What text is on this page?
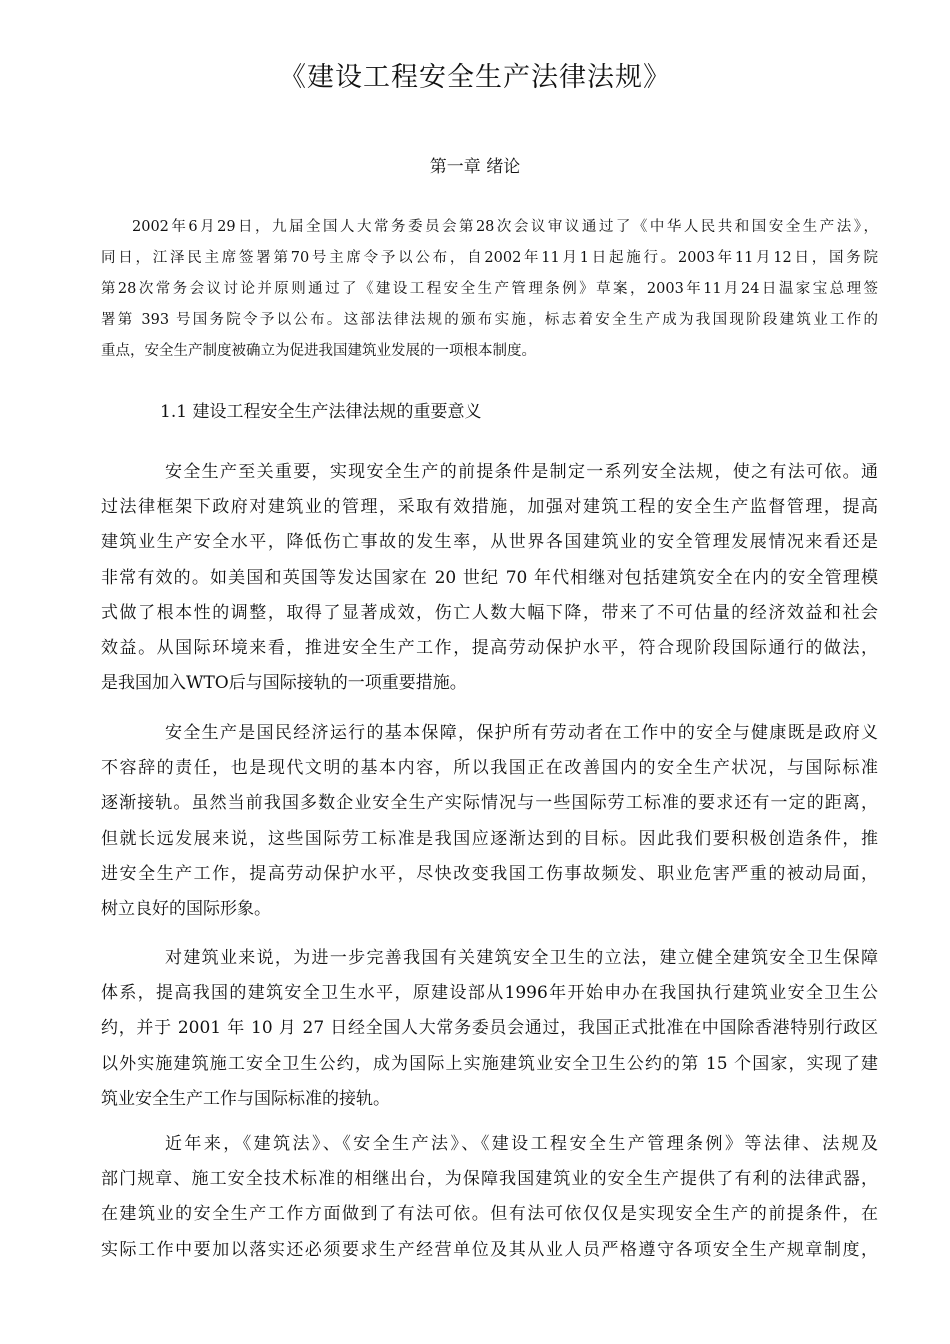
《建设工程安全生产法律法规》
第一章 绪论
2002年6月29日，九届全国人大常务委员会第28次会议审议通过了《中华人民共和国安全生产法》，
同日，江泽民主席签署第70号主席令予以公布，自2002年11月1日起施行。2003年11月12日，国务院
第28次常务会议讨论并原则通过了《建设工程安全生产管理条例》草案，2003年11月24日温家宝总理签
署第 393 号国务院令予以公布。这部法律法规的颁布实施，标志着安全生产成为我国现阶段建筑业工作的
重点，安全生产制度被确立为促进我国建筑业发展的一项根本制度。
1.1 建设工程安全生产法律法规的重要意义
安全生产至关重要，实现安全生产的前提条件是制定一系列安全法规，使之有法可依。通
过法律框架下政府对建筑业的管理，采取有效措施，加强对建筑工程的安全生产监督管理，提高
建筑业生产安全水平，降低伤亡事故的发生率，从世界各国建筑业的安全管理发展情况来看还是
非常有效的。如美国和英国等发达国家在 20 世纪 70 年代相继对包括建筑安全在内的安全管理模
式做了根本性的调整，取得了显著成效，伤亡人数大幅下降，带来了不可估量的经济效益和社会
效益。从国际环境来看，推进安全生产工作，提高劳动保护水平，符合现阶段国际通行的做法，
是我国加入WTO后与国际接轨的一项重要措施。
安全生产是国民经济运行的基本保障，保护所有劳动者在工作中的安全与健康既是政府义
不容辞的责任，也是现代文明的基本内容，所以我国正在改善国内的安全生产状况，与国际标准
逐渐接轨。虽然当前我国多数企业安全生产实际情况与一些国际劳工标准的要求还有一定的距离，
但就长远发展来说，这些国际劳工标准是我国应逐渐达到的目标。因此我们要积极创造条件，推
进安全生产工作，提高劳动保护水平，尽快改变我国工伤事故频发、职业危害严重的被动局面，
树立良好的国际形象。
对建筑业来说，为进一步完善我国有关建筑安全卫生的立法，建立健全建筑安全卫生保障
体系，提高我国的建筑安全卫生水平，原建设部从1996年开始申办在我国执行建筑业安全卫生公
约，并于 2001 年 10 月 27 日经全国人大常务委员会通过，我国正式批准在中国除香港特别行政区
以外实施建筑施工安全卫生公约，成为国际上实施建筑业安全卫生公约的第 15 个国家，实现了建
筑业安全生产工作与国际标准的接轨。
近年来，《建筑法》、《安全生产法》、《建设工程安全生产管理条例》等法律、法规及
部门规章、施工安全技术标准的相继出台，为保障我国建筑业的安全生产提供了有利的法律武器，
在建筑业的安全生产工作方面做到了有法可依。但有法可依仅仅是实现安全生产的前提条件，在
实际工作中要加以落实还必须要求生产经营单位及其从业人员严格遵守各项安全生产规章制度，
